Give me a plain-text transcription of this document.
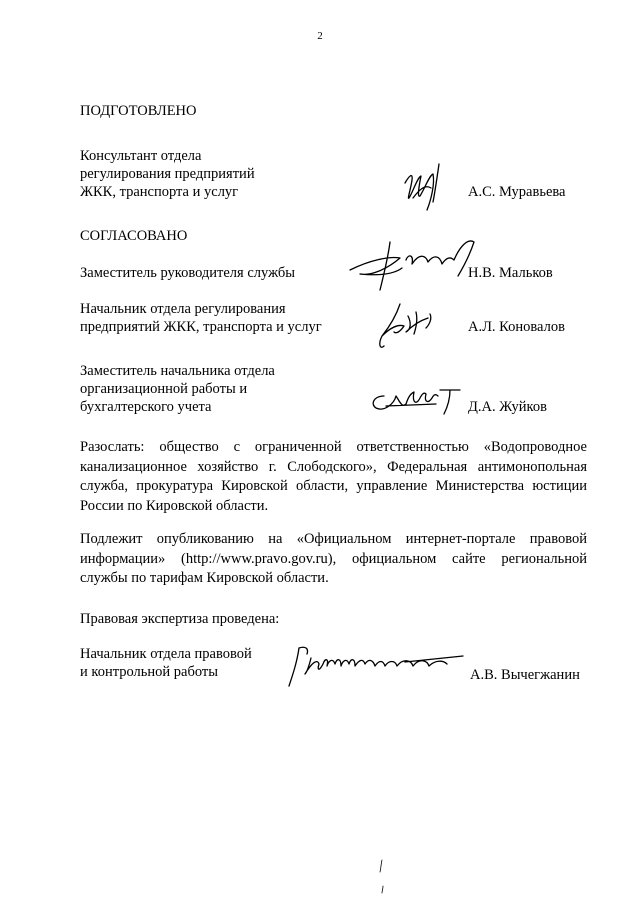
2
ПОДГОТОВЛЕНО
Консультант отдела
регулирования предприятий
ЖКК, транспорта и услуг	А.С. Муравьева
СОГЛАСОВАНО
Заместитель руководителя службы	Н.В. Мальков
Начальник отдела регулирования
предприятий ЖКК, транспорта и услуг	А.Л. Коновалов
Заместитель начальника отдела
организационной работы и
бухгалтерского учета	Д.А. Жуйков
Разослать: общество с ограниченной ответственностью «Водопроводное канализационное хозяйство г. Слободского», Федеральная антимонопольная служба, прокуратура Кировской области, управление Министерства юстиции России по Кировской области.
Подлежит опубликованию на «Официальном интернет-портале правовой информации» (http://www.pravo.gov.ru), официальном сайте региональной службы по тарифам Кировской области.
Правовая экспертиза проведена:
Начальник отдела правовой
и контрольной работы	А.В. Вычегжанин
